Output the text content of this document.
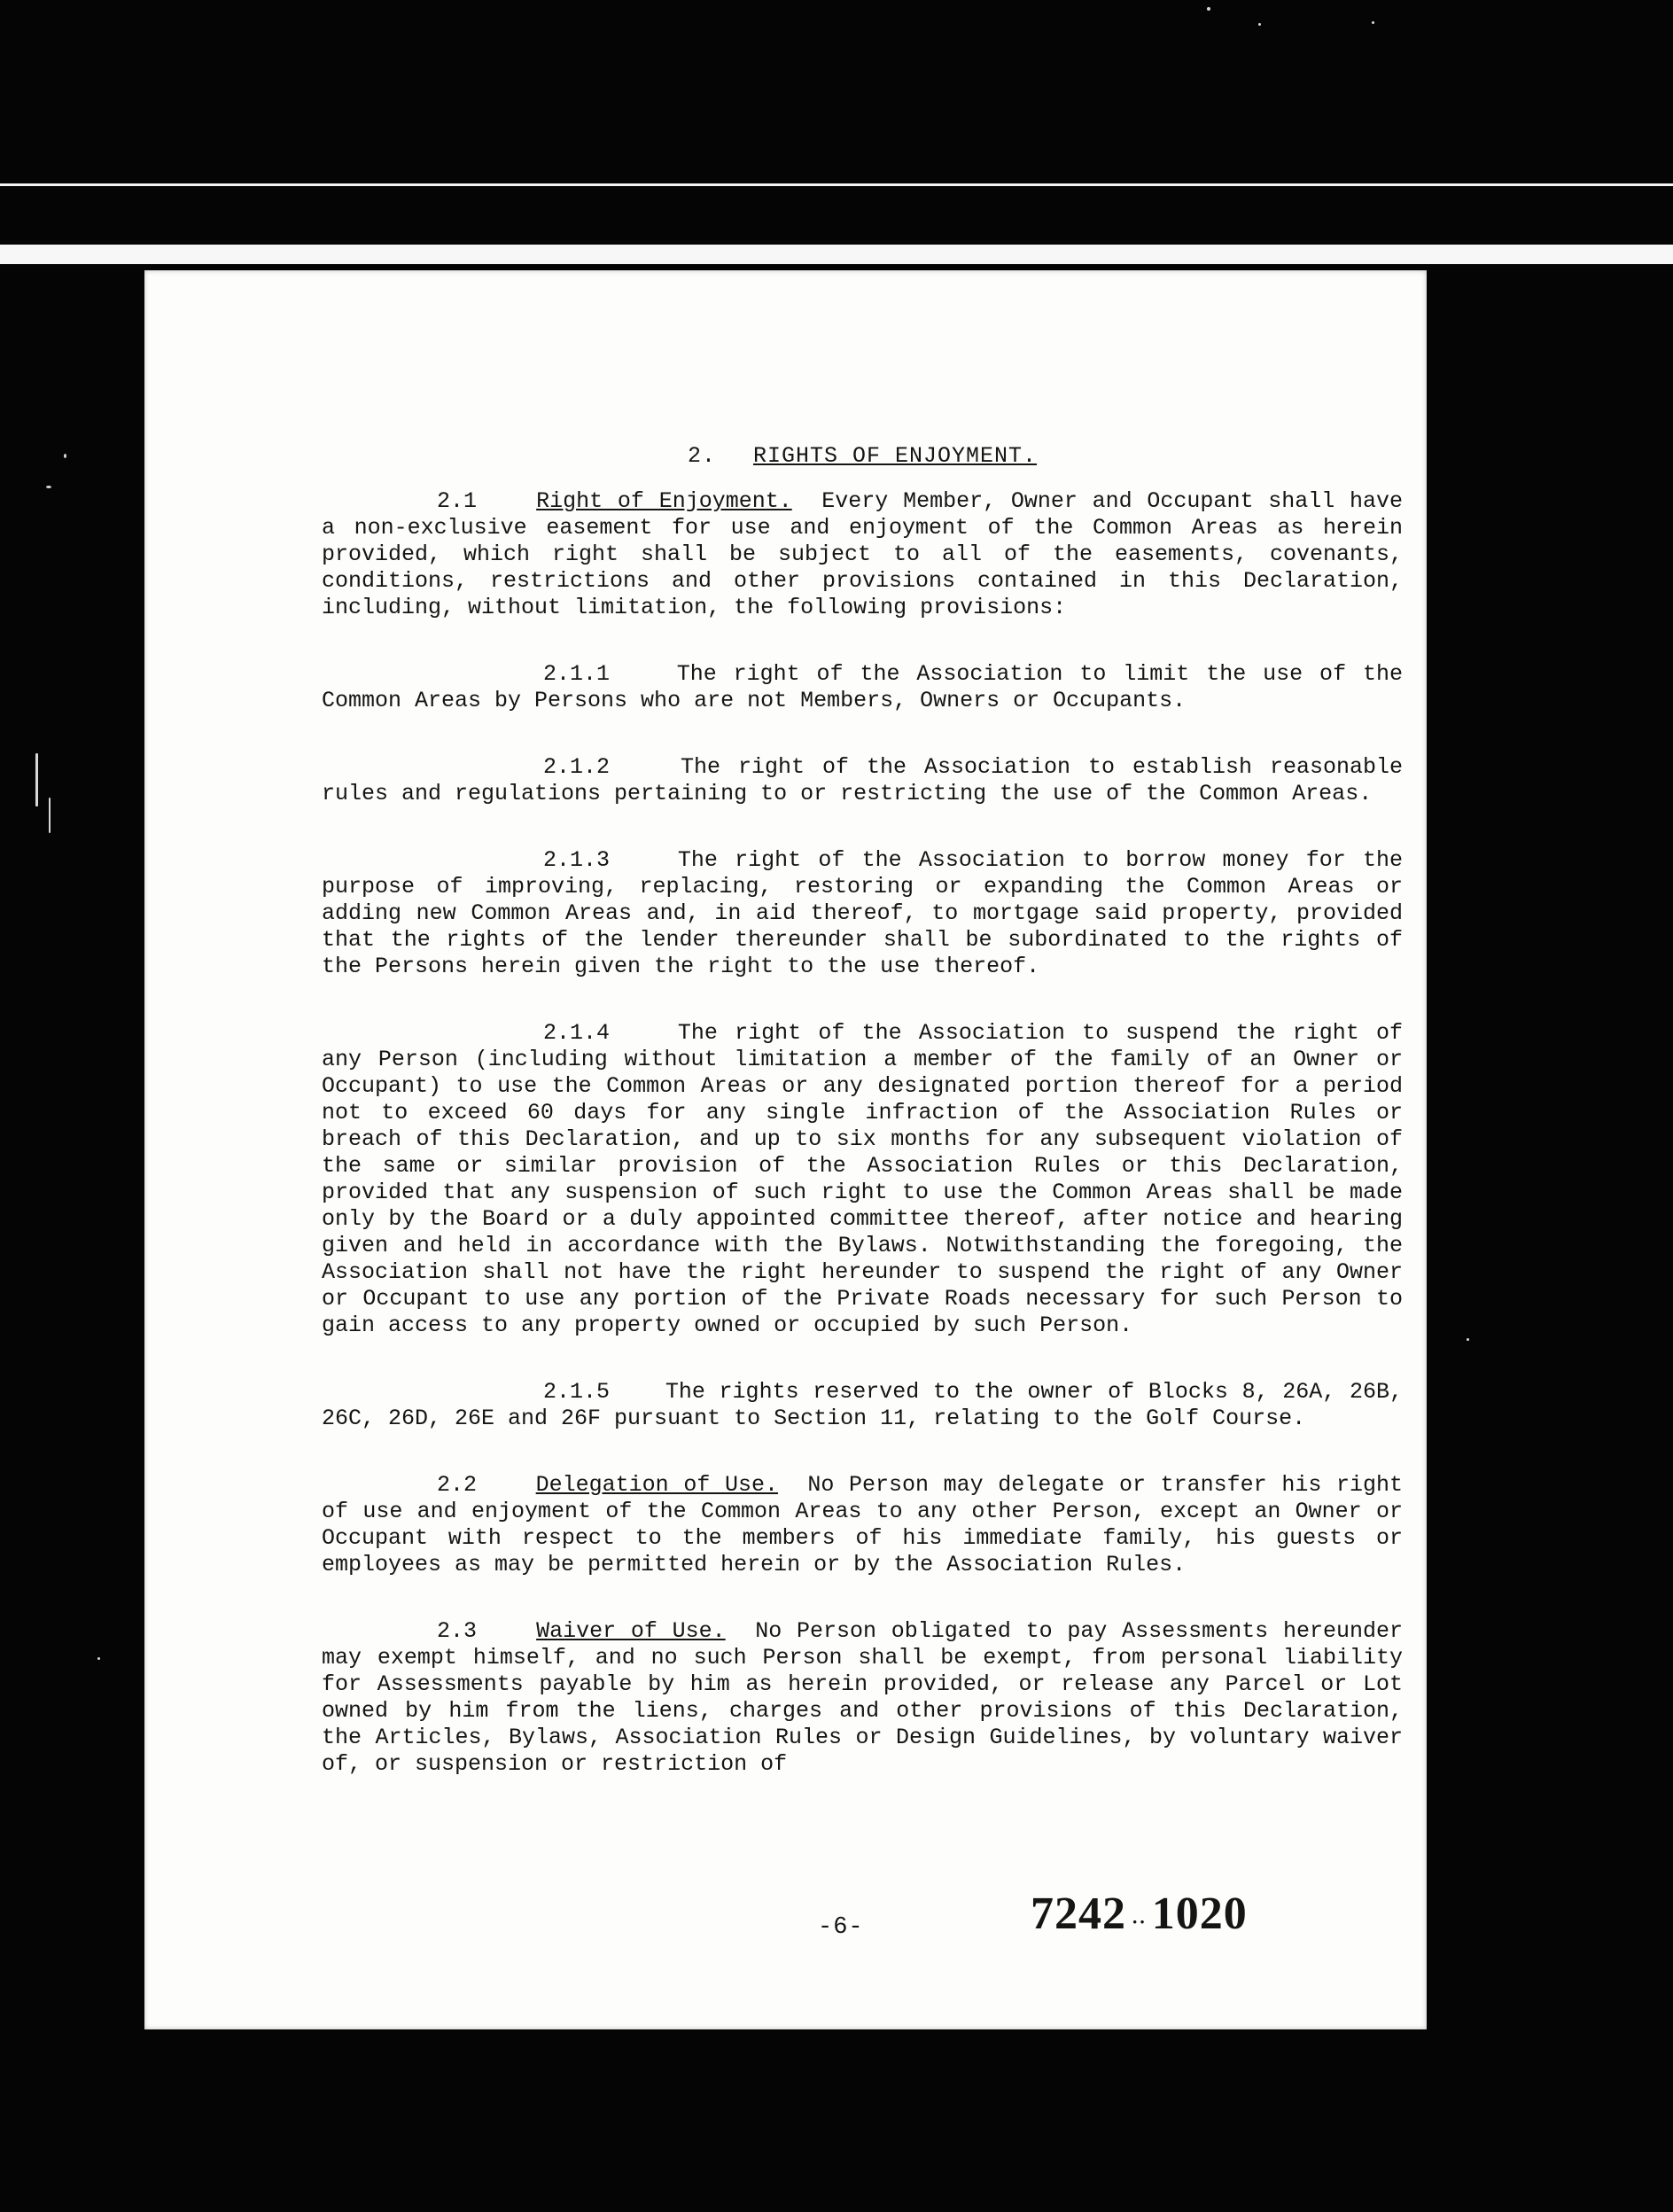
2. RIGHTS OF ENJOYMENT.

2.1	Right of Enjoyment. Every Member, Owner and Occupant shall have a non-exclusive easement for use and enjoyment of the Common Areas as herein provided, which right shall be subject to all of the easements, covenants, conditions, restrictions and other provisions contained in this Declaration, including, without limitation, the following provisions:

2.1.1	The right of the Association to limit the use of the Common Areas by Persons who are not Members, Owners or Occupants.

2.1.2	The right of the Association to establish reasonable rules and regulations pertaining to or restricting the use of the Common Areas.

2.1.3	The right of the Association to borrow money for the purpose of improving, replacing, restoring or expanding the Common Areas or adding new Common Areas and, in aid thereof, to mortgage said property, provided that the rights of the lender thereunder shall be subordinated to the rights of the Persons herein given the right to the use thereof.

2.1.4	The right of the Association to suspend the right of any Person (including without limitation a member of the family of an Owner or Occupant) to use the Common Areas or any designated portion thereof for a period not to exceed 60 days for any single infraction of the Association Rules or breach of this Declaration, and up to six months for any subsequent violation of the same or similar provision of the Association Rules or this Declaration, provided that any suspension of such right to use the Common Areas shall be made only by the Board or a duly appointed committee thereof, after notice and hearing given and held in accordance with the Bylaws. Notwithstanding the foregoing, the Association shall not have the right hereunder to suspend the right of any Owner or Occupant to use any portion of the Private Roads necessary for such Person to gain access to any property owned or occupied by such Person.

2.1.5	The rights reserved to the owner of Blocks 8, 26A, 26B, 26C, 26D, 26E and 26F pursuant to Section 11, relating to the Golf Course.

2.2	Delegation of Use. No Person may delegate or transfer his right of use and enjoyment of the Common Areas to any other Person, except an Owner or Occupant with respect to the members of his immediate family, his guests or employees as may be permitted herein or by the Association Rules.

2.3	Waiver of Use. No Person obligated to pay Assessments hereunder may exempt himself, and no such Person shall be exempt, from personal liability for Assessments payable by him as herein provided, or release any Parcel or Lot owned by him from the liens, charges and other provisions of this Declaration, the Articles, Bylaws, Association Rules or Design Guidelines, by voluntary waiver of, or suspension or restriction of

-6-	7242 ·· 1020
